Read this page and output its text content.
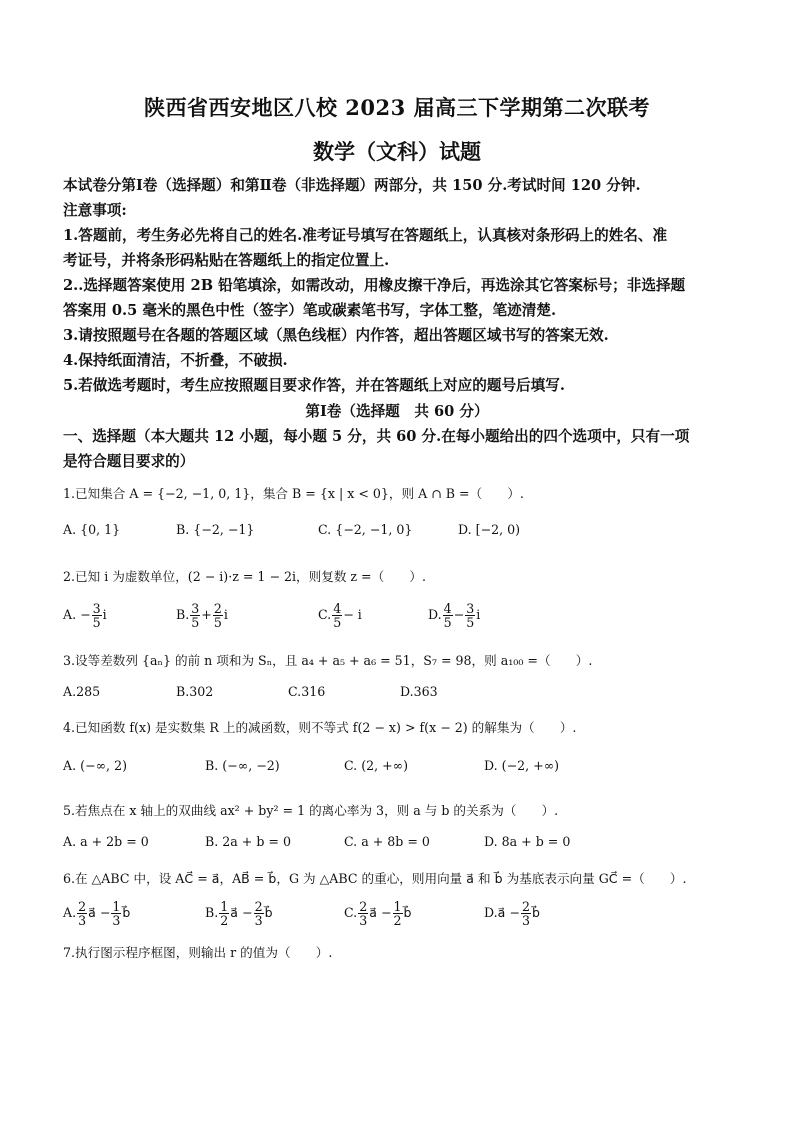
陕西省西安地区八校 2023 届高三下学期第二次联考
数学（文科）试题
本试卷分第Ⅰ卷（选择题）和第Ⅱ卷（非选择题）两部分，共 150 分.考试时间 120 分钟.
注意事项:
1.答题前，考生务必先将自己的姓名.准考证号填写在答题纸上，认真核对条形码上的姓名、准
考证号，并将条形码粘贴在答题纸上的指定位置上.
2..选择题答案使用 2B 铅笔填涂，如需改动，用橡皮擦干净后，再选涂其它答案标号；非选择题
答案用 0.5 毫米的黑色中性（签字）笔或碳素笔书写，字体工整，笔迹清楚.
3.请按照题号在各题的答题区域（黑色线框）内作答，超出答题区域书写的答案无效.
4.保持纸面清洁，不折叠，不破损.
5.若做选考题时，考生应按照题目要求作答，并在答题纸上对应的题号后填写.
第Ⅰ卷（选择题　共 60 分）
一、选择题（本大题共 12 小题，每小题 5 分，共 60 分.在每小题给出的四个选项中，只有一项
是符合题目要求的）
1.已知集合 A = {−2, −1, 0, 1}，集合 B = {x | x < 0}，则 A ∩ B =（　　）.
A. {0, 1}	B. {−2, −1}	C. {−2, −1, 0}	D. [−2, 0)
2.已知 i 为虚数单位，(2 − i)·z = 1 − 2i，则复数 z =（　　）.
A. − $\frac{3}{5}$ i	B. $\frac{3}{5} + \frac{2}{5}$ i	C. $\frac{4}{5} - i$	D. $\frac{4}{5} - \frac{3}{5}$ i
3.设等差数列 {aₙ} 的前 n 项和为 Sₙ，且 a₄ + a₅ + a₆ = 51，S₇ = 98，则 a₁₀₀ =（　　）.
A.285	B.302	C.316	D.363
4.已知函数 f(x) 是实数集 R 上的减函数，则不等式 f(2 − x) > f(x − 2) 的解集为（　　）.
A. (−∞, 2)	B. (−∞, −2)	C. (2, +∞)	D. (−2, +∞)
5.若焦点在 x 轴上的双曲线 ax² + by² = 1 的离心率为 3，则 a 与 b 的关系为（　　）.
A. a + 2b = 0	B. 2a + b = 0	C. a + 8b = 0	D. 8a + b = 0
6.在 △ABC 中，设 AC⃗ = a⃗，AB⃗ = b⃗，G 为 △ABC 的重心，则用向量 a⃗ 和 b⃗ 为基底表示向量 GC⃗ =（　　）.
A. $\frac{2}{3}$ a⃗ − $\frac{1}{3}$ b⃗	B. $\frac{1}{2}$ a⃗ − $\frac{2}{3}$ b⃗	C. $\frac{2}{3}$ a⃗ − $\frac{1}{2}$ b⃗	D.a⃗ − $\frac{2}{3}$ b⃗
7.执行图示程序框图，则输出 r 的值为（　　）.
